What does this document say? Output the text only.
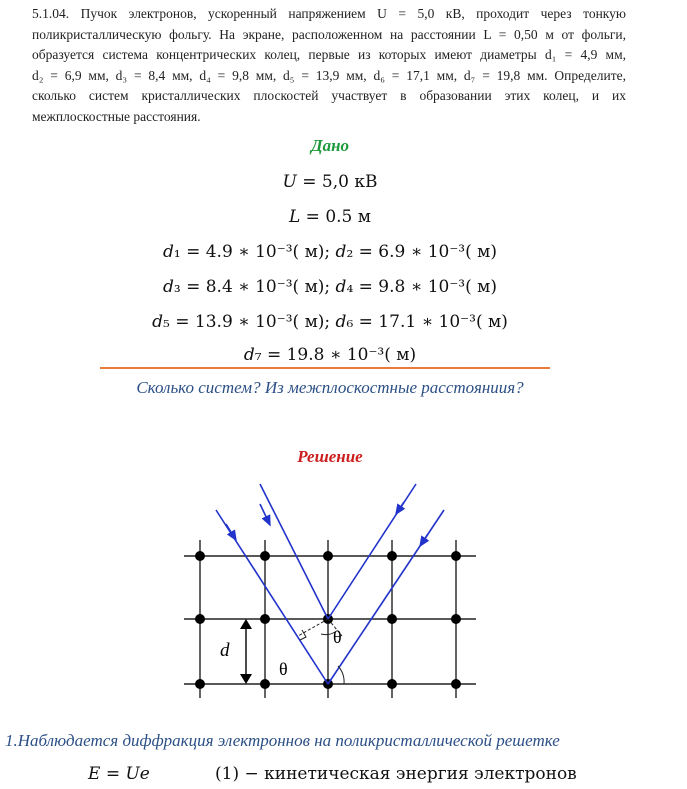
5.1.04. Пучок электронов, ускоренный напряжением U = 5,0 кВ, проходит через тонкую
поликристаллическую фольгу. На экране, расположенном на расстоянии L = 0,50 м от фольги,
образуется система концентрических колец, первые из которых имеют диаметры d₁ = 4,9 мм,
d₂ = 6,9 мм, d₃ = 8,4 мм, d₄ = 9,8 мм, d₅ = 13,9 мм, d₆ = 17,1 мм, d₇ = 19,8 мм. Определите,
сколько систем кристаллических плоскостей участвует в образовании этих колец, и их
межплоскостные расстояния.
Дано
𝑈 = 5,0 кВ
𝐿 = 0.5 м
𝑑₁ = 4.9 ∗ 10⁻³( м); 𝑑₂ = 6.9 ∗ 10⁻³( м)
𝑑₃ = 8.4 ∗ 10⁻³( м); 𝑑₄ = 9.8 ∗ 10⁻³( м)
𝑑₅ = 13.9 ∗ 10⁻³( м); 𝑑₆ = 17.1 ∗ 10⁻³( м)
𝑑₇ = 19.8 ∗ 10⁻³( м)
Сколько систем? Из межплоскостные расстояниия?
Решение
d
θ
θ
1.Наблюдается диффракция электроннов на поликристаллической решетке
𝐸 = 𝑈𝑒	(1) − кинетическая энергия электронов
